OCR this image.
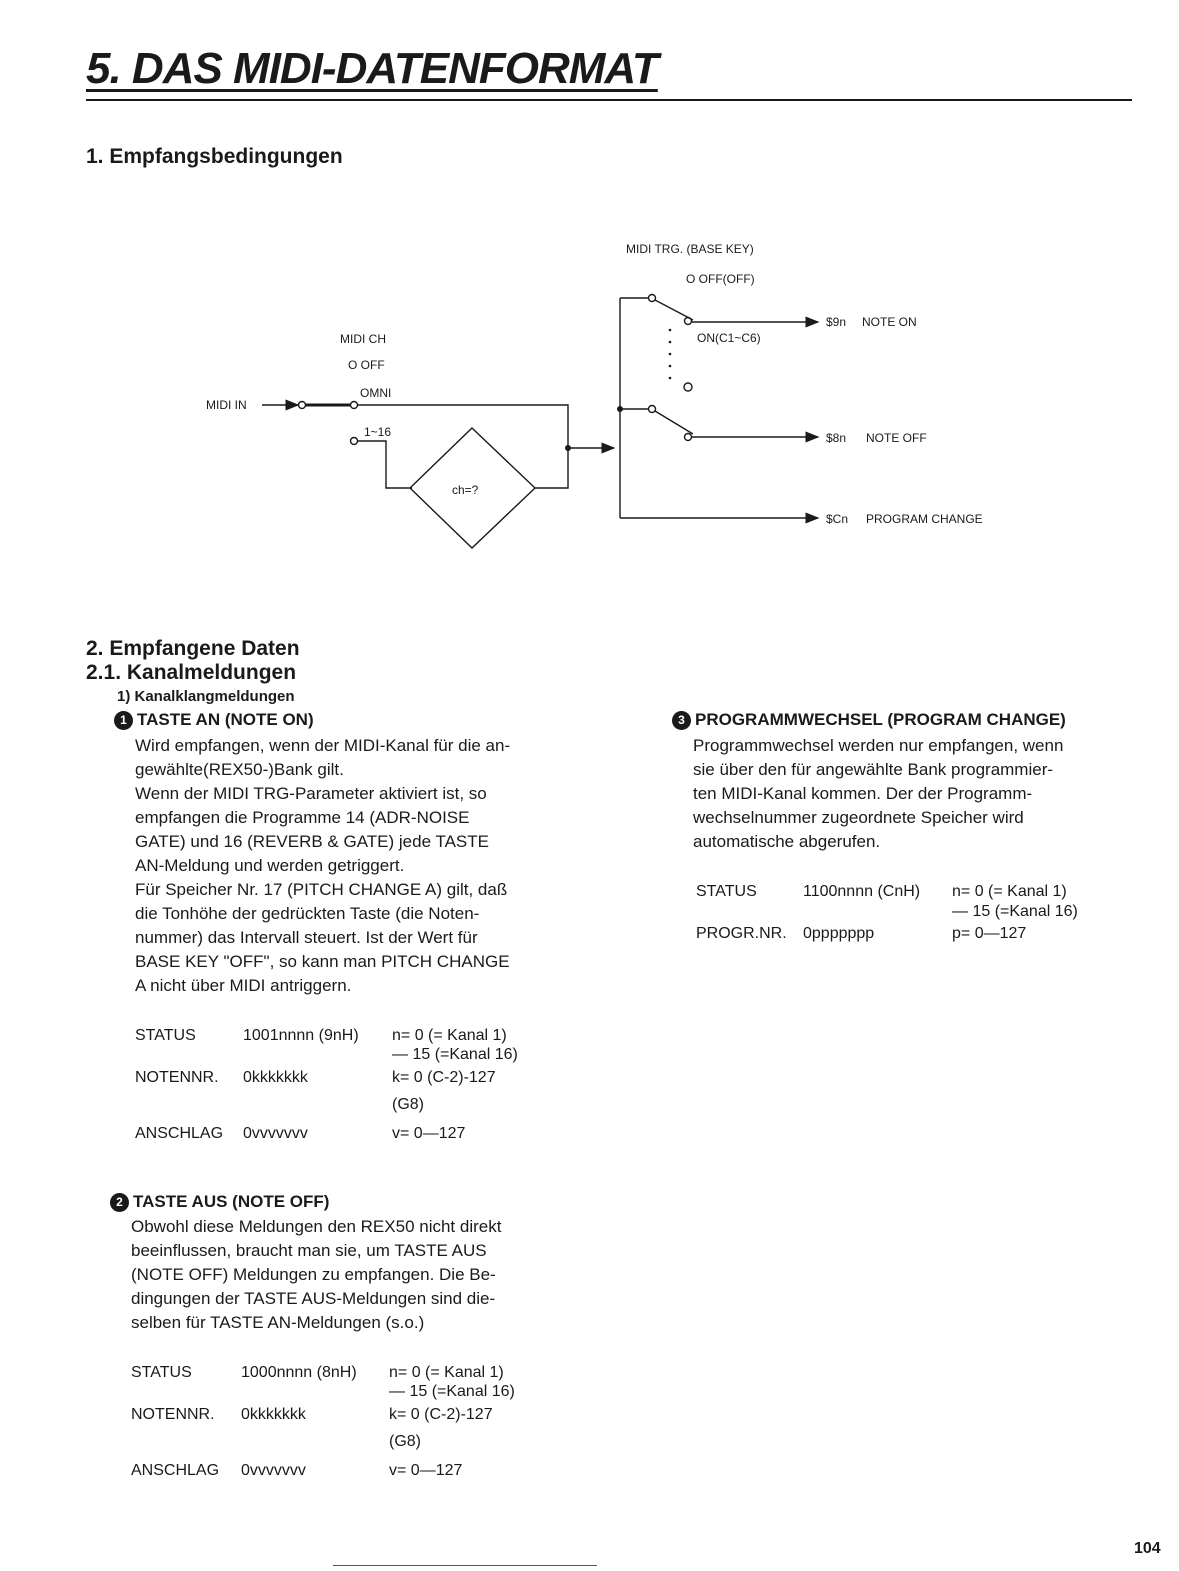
5. DAS MIDI-DATENFORMAT
1. Empfangsbedingungen
MIDI CH
O OFF
OMNI
MIDI IN
1~16
ch=?
MIDI TRG. (BASE KEY)
O OFF(OFF)
ON(C1~C6)
$9n NOTE ON
$8n NOTE OFF
$Cn PROGRAM CHANGE
2. Empfangene Daten
2.1. Kanalmeldungen
1) Kanalklangmeldungen
1 TASTE AN (NOTE ON)
Wird empfangen, wenn der MIDI-Kanal für die an-
gewählte(REX50-)Bank gilt.
Wenn der MIDI TRG-Parameter aktiviert ist, so
empfangen die Programme 14 (ADR-NOISE
GATE) und 16 (REVERB & GATE) jede TASTE
AN-Meldung und werden getriggert.
Für Speicher Nr. 17 (PITCH CHANGE A) gilt, daß
die Tonhöhe der gedrückten Taste (die Noten-
nummer) das Intervall steuert. Ist der Wert für
BASE KEY "OFF", so kann man PITCH CHANGE
A nicht über MIDI antriggern.
STATUS	1001nnnn (9nH) n= 0 (= Kanal 1)
— 15 (=Kanal 16)
NOTENNR. 0kkkkkkk	k= 0 (C-2)-127
(G8)
ANSCHLAG 0vvvvvvv	v= 0—127
2 TASTE AUS (NOTE OFF)
Obwohl diese Meldungen den REX50 nicht direkt
beeinflussen, braucht man sie, um TASTE AUS
(NOTE OFF) Meldungen zu empfangen. Die Be-
dingungen der TASTE AUS-Meldungen sind die-
selben für TASTE AN-Meldungen (s.o.)
STATUS	1000nnnn (8nH) n= 0 (= Kanal 1)
— 15 (=Kanal 16)
NOTENNR. 0kkkkkkk	k= 0 (C-2)-127
(G8)
ANSCHLAG 0vvvvvvv	v= 0—127
3 PROGRAMMWECHSEL (PROGRAM CHANGE)
Programmwechsel werden nur empfangen, wenn
sie über den für angewählte Bank programmier-
ten MIDI-Kanal kommen. Der der Programm-
wechselnummer zugeordnete Speicher wird
automatische abgerufen.
STATUS	1100nnnn (CnH) n= 0 (= Kanal 1)
— 15 (=Kanal 16)
PROGR.NR. 0ppppppp	p= 0—127
104
